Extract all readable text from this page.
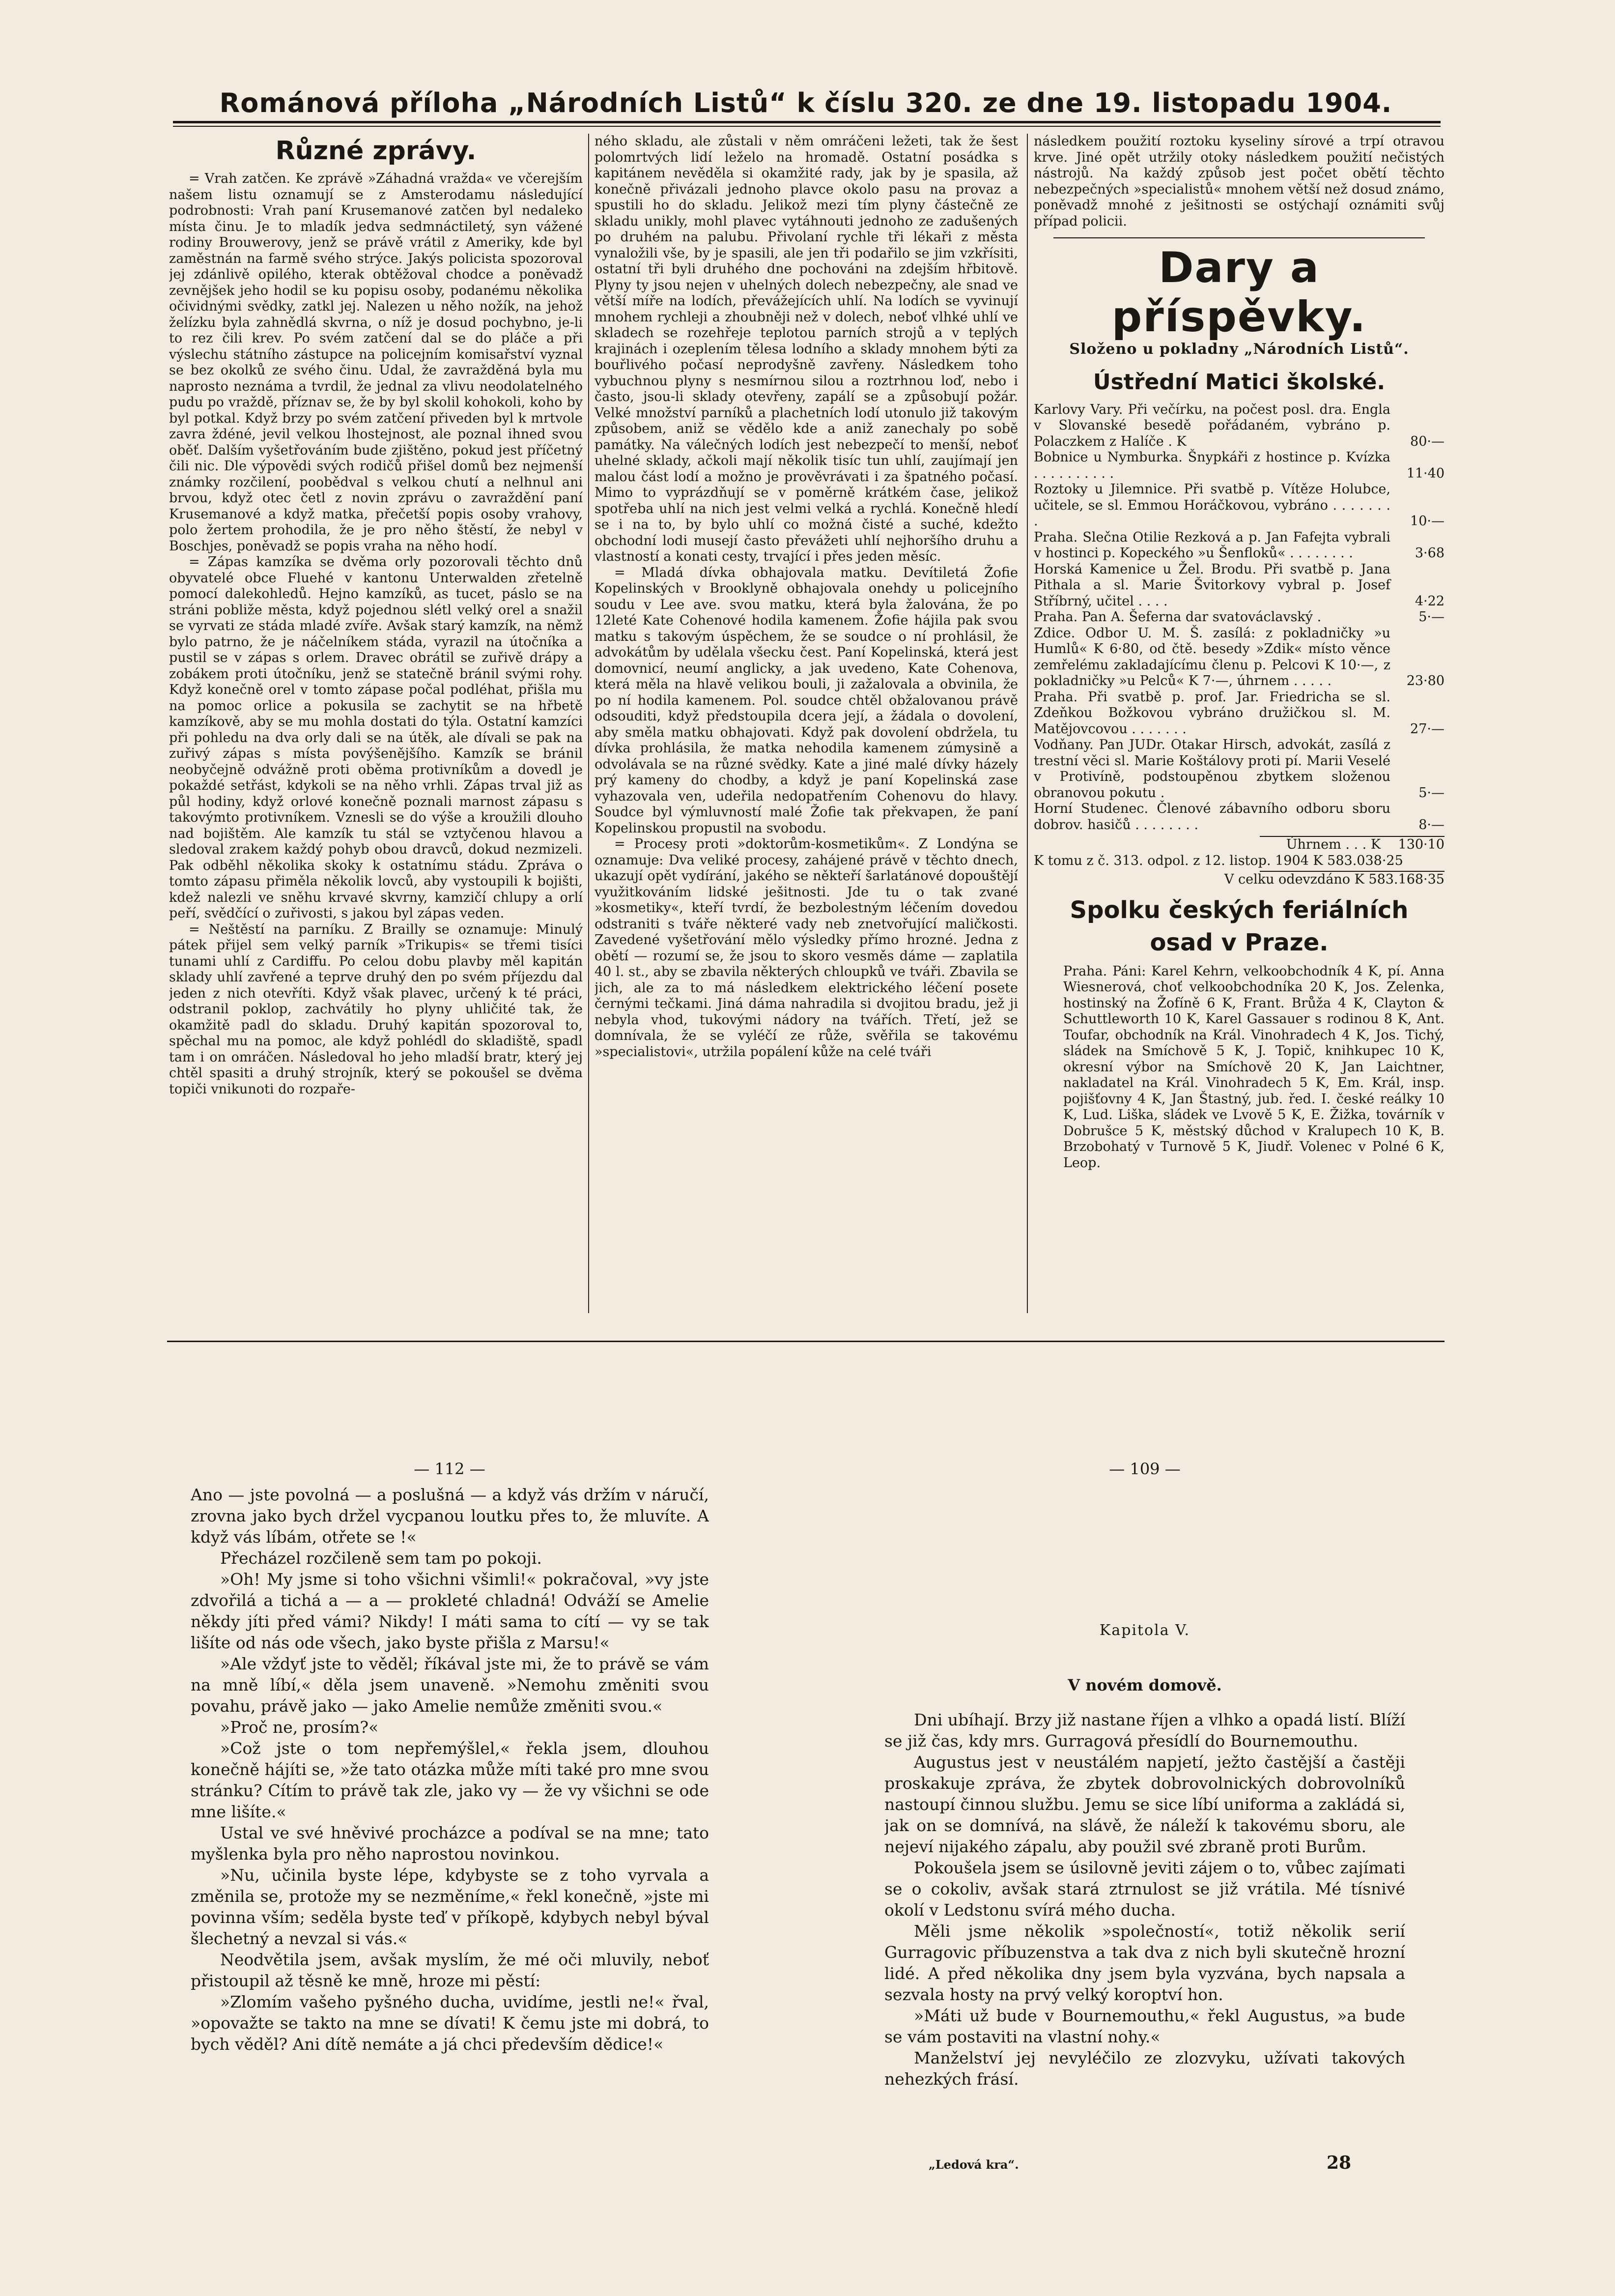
Románová příloha „Národních Listů“ k číslu 320. ze dne 19. listopadu 1904.
Různé zprávy.

= Vrah zatčen. Ke zprávě »Záhadná vražda« ve včerejším našem listu oznamují se z Amsterodamu následující podrobnosti: Vrah paní Krusemanové zatčen byl nedaleko místa činu. Je to mladík jedva sedmnáctiletý, syn vážené rodiny Brouwerovy, jenž se právě vrátil z Ameriky, kde byl zaměstnán na farmě svého strýce. Jakýs policista spozoroval jej zdánlivě opilého, kterak obtěžoval chodce a poněvadž zevnějšek jeho hodil se ku popisu osoby, podanému několika očividnými svědky, zatkl jej. Nalezen u něho nožík, na jehož želízku byla zahnědlá skvrna, o níž je dosud pochybno, je-li to rez čili krev. Po svém zatčení dal se do pláče a při výslechu státního zástupce na policejním komisařství vyznal se bez okolků ze svého činu. Udal, že zavražděná byla mu naprosto neznáma a tvrdil, že jednal za vlivu neodolatelného pudu po vraždě, příznav se, že by byl skolil kohokoli, koho by byl potkal. Když brzy po svém zatčení přiveden byl k mrtvole zavra ždéné, jevil velkou lhostejnost, ale poznal ihned svou oběť. Dalším vyšetřováním bude zjištěno, pokud jest příčetný čili nic. Dle výpovědi svých rodičů přišel domů bez nejmenší známky rozčilení, poobědval s velkou chutí a nelhnul ani brvou, když otec četl z novin zprávu o zavraždění paní Krusemanové a když matka, přečetší popis osoby vrahovy, polo žertem prohodila, že je pro něho štěstí, že nebyl v Boschjes, poněvadž se popis vraha na něho hodí.

= Zápas kamzíka se dvěma orly pozorovali těchto dnů obyvatelé obce Fluehé v kantonu Unterwalden zřetelně pomocí dalekohledů. Hejno kamzíků, as tucet, páslo se na stráni pobliže města, když pojednou slétl velký orel a snažil se vyrvati ze stáda mladé zvíře. Avšak starý kamzík, na němž bylo patrno, že je náčelníkem stáda, vyrazil na útočníka a pustil se v zápas s orlem. Dravec obrátil se zuřivě drápy a zobákem proti útočníku, jenž se statečně bránil svými rohy. Když konečně orel v tomto zápase počal podléhat, přišla mu na pomoc orlice a pokusila se zachytit se na hřbetě kamzíkově, aby se mu mohla dostati do týla. Ostatní kamzíci při pohledu na dva orly dali se na útěk, ale dívali se pak na zuřivý zápas s místa povýšenějšího. Kamzík se bránil neobyčejně odvážně proti oběma protivníkům a dovedl je pokaždé setřást, kdykoli se na něho vrhli. Zápas trval již as půl hodiny, když orlové konečně poznali marnost zápasu s takovýmto protivníkem. Vznesli se do výše a kroužili dlouho nad bojištěm. Ale kamzík tu stál se vztyčenou hlavou a sledoval zrakem každý pohyb obou dravců, dokud nezmizeli. Pak odběhl několika skoky k ostatnímu stádu. Zpráva o tomto zápasu přiměla několik lovců, aby vystoupili k bojišti, kdež nalezli ve sněhu krvavé skvrny, kamzičí chlupy a orlí peří, svědčící o zuřivosti, s jakou byl zápas veden.

= Neštěstí na parníku. Z Brailly se oznamuje: Minulý pátek přijel sem velký parník »Trikupis« se třemi tisíci tunami uhlí z Cardiffu. Po celou dobu plavby měl kapitán sklady uhlí zavřené a teprve druhý den po svém příjezdu dal jeden z nich otevříti. Když však plavec, určený k té práci, odstranil poklop, zachvátily ho plyny uhličité tak, že okamžitě padl do skladu. Druhý kapitán spozoroval to, spěchal mu na pomoc, ale když pohlédl do skladiště, spadl tam i on omráčen. Následoval ho jeho mladší bratr, který jej chtěl spasiti a druhý strojník, který se pokoušel se dvěma topiči vnikunoti do rozpaře-

ného skladu, ale zůstali v něm omráčeni ležeti, tak že šest polomrtvých lidí leželo na hromadě. Ostatní posádka s kapitánem nevěděla si okamžité rady, jak by je spasila, až konečně přivázali jednoho plavce okolo pasu na provaz a spustili ho do skladu. Jelikož mezi tím plyny částečně ze skladu unikly, mohl plavec vytáhnouti jednoho ze zadušených po druhém na palubu. Přivolaní rychle tři lékaři z města vynaložili vše, by je spasili, ale jen tři podařilo se jim vzkřísiti, ostatní tři byli druhého dne pochováni na zdejším hřbitově. Plyny ty jsou nejen v uhelných dolech nebezpečny, ale snad ve větší míře na lodích, převážejících uhlí. Na lodích se vyvinují mnohem rychleji a zhoubněji než v dolech, neboť vlhké uhlí ve skladech se rozehřeje teplotou parních strojů a v teplých krajinách i ozeplením tělesa lodního a sklady mnohem býti za bouřlivého počasí neprodyšně zavřeny. Následkem toho vybuchnou plyny s nesmírnou silou a roztrhnou loď, nebo i často, jsou-li sklady otevřeny, zapálí se a způsobují požár. Velké množství parníků a plachetních lodí utonulo již takovým způsobem, aniž se vědělo kde a aniž zanechaly po sobě památky. Na válečných lodích jest nebezpečí to menší, neboť uhelné sklady, ačkoli mají několik tisíc tun uhlí, zaujímají jen malou část lodí a možno je prověvrávati i za špatného počasí. Mimo to vyprázdňují se v poměrně krátkém čase, jelikož spotřeba uhlí na nich jest velmi velká a rychlá. Konečně hledí se i na to, by bylo uhlí co možná čisté a suché, kdežto obchodní lodi musejí často převážeti uhlí nejhoršího druhu a vlastností a konati cesty, trvající i přes jeden měsíc.

= Mladá dívka obhajovala matku. Devítiletá Žofie Kopelinských v Brooklyně obhajovala onehdy u policejního soudu v Lee ave. svou matku, která byla žalována, že po 12leté Kate Cohenové hodila kamenem. Žofie hájila pak svou matku s takovým úspěchem, že se soudce o ní prohlásil, že advokátům by udělala všecku čest. Paní Kopelinská, která jest domovnicí, neumí anglicky, a jak uvedeno, Kate Cohenova, která měla na hlavě velikou bouli, ji zažalovala a obvinila, že po ní hodila kamenem. Pol. soudce chtěl obžalovanou právě odsouditi, když předstoupila dcera její, a žádala o dovolení, aby směla matku obhajovati. Když pak dovolení obdržela, tu dívka prohlásila, že matka nehodila kamenem zúmysině a odvolávala se na různé svědky. Kate a jiné malé dívky házely prý kameny do chodby, a když je paní Kopelinská zase vyhazovala ven, udeřila nedopatřením Cohenovu do hlavy. Soudce byl výmluvností malé Žofie tak překvapen, že paní Kopelinskou propustil na svobodu.

= Procesy proti »doktorům-kosmetikům«. Z Londýna se oznamuje: Dva veliké procesy, zahájené právě v těchto dnech, ukazují opět vydírání, jakého se někteří šarlatánové dopouštějí využitkováním lidské ješitnosti. Jde tu o tak zvané »kosmetiky«, kteří tvrdí, že bezbolestným léčením dovedou odstraniti s tváře některé vady neb znetvořující maličkosti. Zavedené vyšetřování mělo výsledky přímo hrozné. Jedna z obětí — rozumí se, že jsou to skoro vesměs dáme — zaplatila 40 l. st., aby se zbavila některých chloupků ve tváři. Zbavila se jich, ale za to má následkem elektrického léčení posete černými tečkami. Jiná dáma nahradila si dvojitou bradu, jež ji nebyla vhod, tukovými nádory na tvářích. Třetí, jež se domnívala, že se vyléčí ze růže, svěřila se takovému »specialistovi«, utržila popálení kůže na celé tváři

následkem použití roztoku kyseliny sírové a trpí otravou krve. Jiné opět utržily otoky následkem použití nečistých nástrojů. Na každý způsob jest počet obětí těchto nebezpečných »specialistů« mnohem větší než dosud známo, poněvadž mnohé z ješitnosti se ostýchají oznámiti svůj případ policii.

Dary a příspěvky.
Složeno u pokladny „Národních Listů“.
Ústřední Matici školské.
Karlovy Vary. Při večírku, na počest posl. dra. Engla v Slovanské besedě pořádaném, vybráno p. Polaczkem z Halíče . K	80·—
Bobnice u Nymburka. Šnypkáři z hostince p. Kvízka . . . . . . . . . .	11·40
Roztoky u Jilemnice. Při svatbě p. Vítěze Holubce, učitele, se sl. Emmou Horáčkovou, vybráno . . . . . . . .	10·—
Praha. Slečna Otilie Rezková a p. Jan Fafejta vybrali v hostinci p. Kopeckého »u Šenfloků« . . . . . . . .	3·68
Horská Kamenice u Žel. Brodu. Při svatbě p. Jana Pithala a sl. Marie Švitorkovy vybral p. Josef Stříbrný, učitel . . . .	4·22
Praha. Pan A. Šeferna dar svatováclavský .	5·—
Zdice. Odbor U. M. Š. zasílá: z pokladničky »u Humlů« K 6·80, od čtě. besedy »Zdik« místo věnce zemřelému zakladajícímu členu p. Pelcovi K 10·—, z pokladničky »u Pelců« K 7·—, úhrnem . . . . .	23·80
Praha. Při svatbě p. prof. Jar. Friedricha se sl. Zdeňkou Božkovou vybráno družičkou sl. M. Matějovcovou . . . . . . .	27·—
Vodňany. Pan JUDr. Otakar Hirsch, advokát, zasílá z trestní věci sl. Marie Koštálovy proti pí. Marii Veselé v Protivíně, podstoupěnou zbytkem složenou obranovou pokutu .	5·—
Horní Studenec. Členové zábavního odboru sboru dobrov. hasičů . . . . . . . .	8·—
Úhrnem . . . K	130·10
K tomu z č. 313. odpol. z 12. listop. 1904 K 583.038·25
V celku odevzdáno K 583.168·35
Spolku českých feriálních osad v Praze.

Praha. Páni: Karel Kehrn, velkoobchodník 4 K, pí. Anna Wiesnerová, choť velkoobchodníka 20 K, Jos. Zelenka, hostinský na Žofíně 6 K, Frant. Brůža 4 K, Clayton & Schuttleworth 10 K, Karel Gassauer s rodinou 8 K, Ant. Toufar, obchodník na Král. Vinohradech 4 K, Jos. Tichý, sládek na Smíchově 5 K, J. Topič, knihkupec 10 K, okresní výbor na Smíchově 20 K, Jan Laichtner, nakladatel na Král. Vinohradech 5 K, Em. Král, insp. pojišťovny 4 K, Jan Štastný, jub. řed. I. české reálky 10 K, Lud. Liška, sládek ve Lvově 5 K, E. Žižka, továrník v Dobrušce 5 K, městský důchod v Kralupech 10 K, B. Brzobohatý v Turnově 5 K, Jiudř. Volenec v Polné 6 K, Leop.

— 112 —

Ano — jste povolná — a poslušná — a když vás držím v náručí, zrovna jako bych držel vycpanou loutku přes to, že mluvíte. A když vás líbám, otřete se !«

Přecházel rozčileně sem tam po pokoji.

»Oh! My jsme si toho všichni všimli!« pokračoval, »vy jste zdvořilá a tichá a — a — prokleté chladná! Odváží se Amelie někdy jíti před vámi? Nikdy! I máti sama to cítí — vy se tak lišíte od nás ode všech, jako byste přišla z Marsu!«

»Ale vždyť jste to věděl; říkával jste mi, že to právě se vám na mně líbí,« děla jsem unaveně. »Nemohu změniti svou povahu, právě jako — jako Amelie nemůže změniti svou.«

»Proč ne, prosím?«

»Což jste o tom nepřemýšlel,« řekla jsem, dlouhou konečně hájíti se, »že tato otázka může míti také pro mne svou stránku? Cítím to právě tak zle, jako vy — že vy všichni se ode mne lišíte.«

Ustal ve své hněvivé procházce a podíval se na mne; tato myšlenka byla pro něho naprostou novinkou.

»Nu, učinila byste lépe, kdybyste se z toho vyrvala a změnila se, protože my se nezměníme,« řekl konečně, »jste mi povinna vším; seděla byste teď v příkopě, kdybych nebyl býval šlechetný a nevzal si vás.«

Neodvětila jsem, avšak myslím, že mé oči mluvily, neboť přistoupil až těsně ke mně, hroze mi pěstí:

»Zlomím vašeho pyšného ducha, uvidíme, jestli ne!« řval, »opovažte se takto na mne se dívati! K čemu jste mi dobrá, to bych věděl? Ani dítě nemáte a já chci především dědice!«

— 109 —
Kapitola V.
V novém domově.

Dni ubíhají. Brzy již nastane říjen a vlhko a opadá listí. Blíží se již čas, kdy mrs. Gurragová přesídlí do Bournemouthu.

Augustus jest v neustálém napjetí, ježto častější a častěji proskakuje zpráva, že zbytek dobrovolnických dobrovolníků nastoupí činnou službu. Jemu se sice líbí uniforma a zakládá si, jak on se domnívá, na slávě, že náleží k takovému sboru, ale nejeví nijakého zápalu, aby použil své zbraně proti Burům.

Pokoušela jsem se úsilovně jeviti zájem o to, vůbec zajímati se o cokoliv, avšak stará ztrnulost se již vrátila. Mé tísnivé okolí v Ledstonu svírá mého ducha.

Měli jsme několik »společností«, totiž několik serií Gurragovic příbuzenstva a tak dva z nich byli skutečně hrozní lidé. A před několika dny jsem byla vyzvána, bych napsala a sezvala hosty na prvý velký koroptví hon.

»Máti už bude v Bournemouthu,« řekl Augustus, »a bude se vám postaviti na vlastní nohy.«

Manželství jej nevyléčilo ze zlozvyku, užívati takových nehezkých frásí.

„Ledová kra“.	28
